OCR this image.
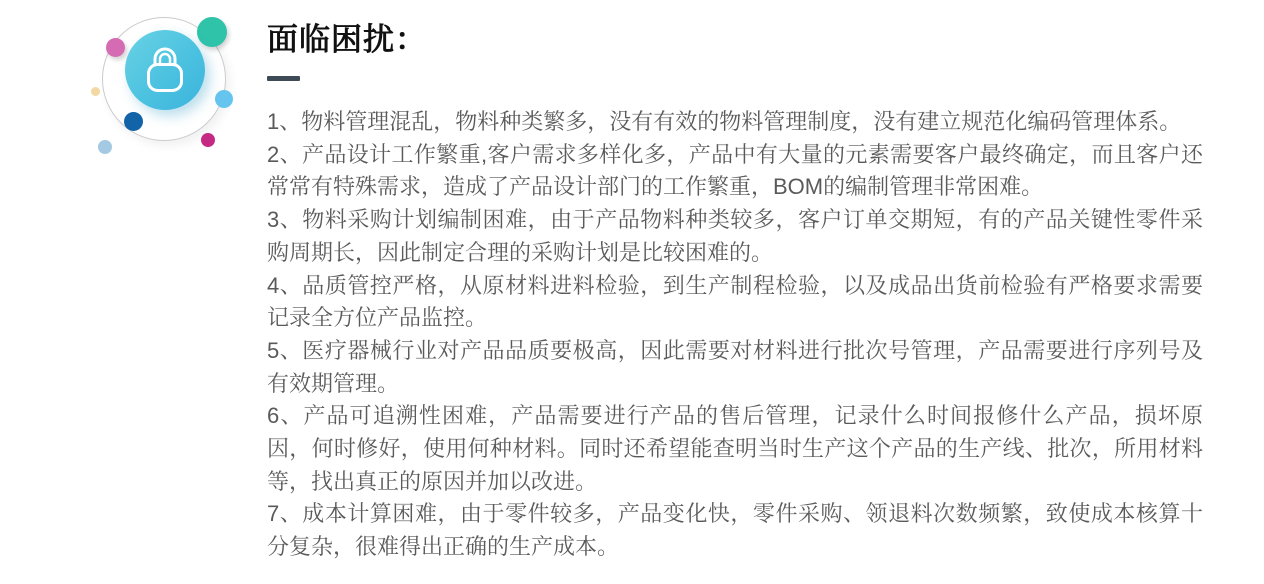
面临困扰：

1、物料管理混乱，物料种类繁多，没有有效的物料管理制度，没有建立规范化编码管理体系。

2、产品设计工作繁重,客户需求多样化多，产品中有大量的元素需要客户最终确定，而且客户还常常有特殊需求，造成了产品设计部门的工作繁重，BOM的编制管理非常困难。

3、物料采购计划编制困难，由于产品物料种类较多，客户订单交期短，有的产品关键性零件采购周期长，因此制定合理的采购计划是比较困难的。

4、品质管控严格，从原材料进料检验，到生产制程检验，以及成品出货前检验有严格要求需要记录全方位产品监控。

5、医疗器械行业对产品品质要极高，因此需要对材料进行批次号管理，产品需要进行序列号及有效期管理。

6、产品可追溯性困难，产品需要进行产品的售后管理，记录什么时间报修什么产品，损坏原因，何时修好，使用何种材料。同时还希望能查明当时生产这个产品的生产线、批次，所用材料等，找出真正的原因并加以改进。

7、成本计算困难，由于零件较多，产品变化快，零件采购、领退料次数频繁，致使成本核算十分复杂，很难得出正确的生产成本。
